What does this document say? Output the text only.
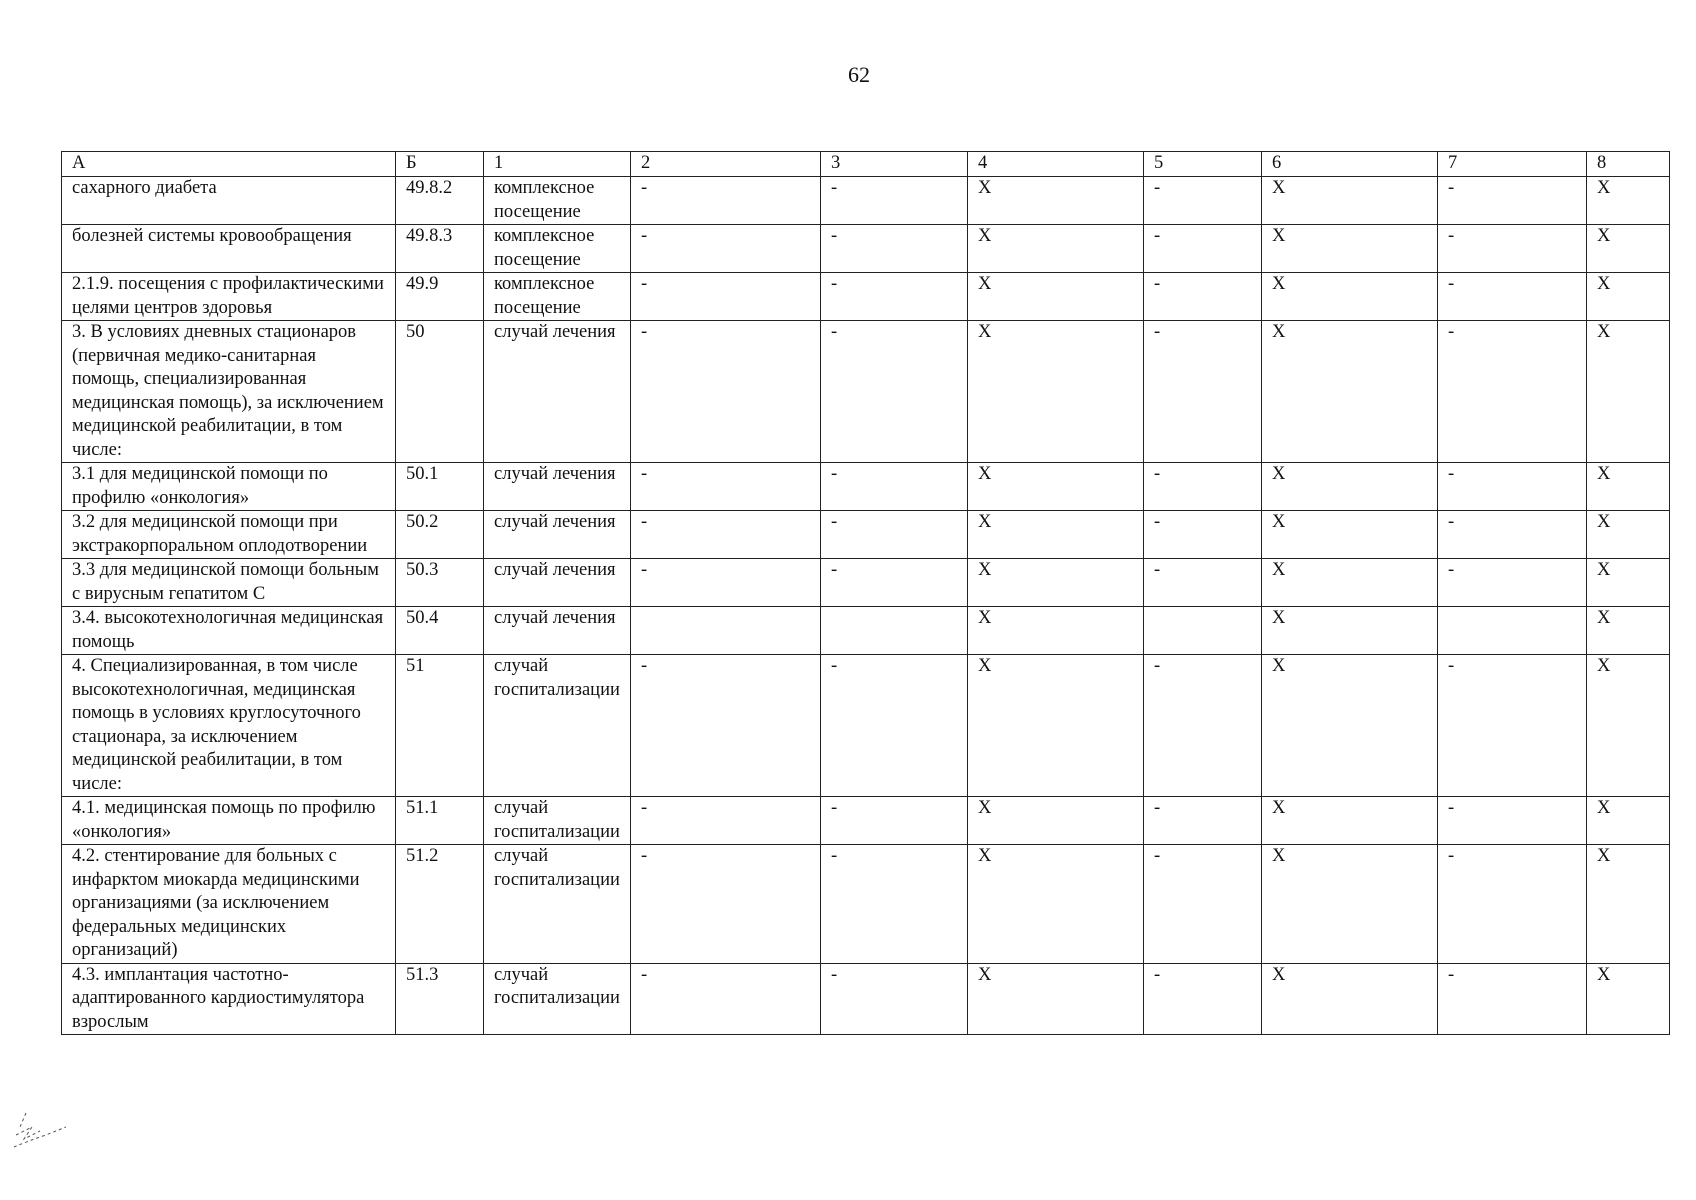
62
А	Б	1	2	3	4	5	6	7	8
сахарного диабета	49.8.2	комплексное посещение	-	-	Х	-	Х	-	Х
болезней системы кровообращения	49.8.3	комплексное посещение	-	-	Х	-	Х	-	Х
2.1.9. посещения с профилактическими целями центров здоровья	49.9	комплексное посещение	-	-	Х	-	Х	-	Х
3. В условиях дневных стационаров (первичная медико-санитарная помощь, специализированная медицинская помощь), за исключением медицинской реабилитации, в том числе:	50	случай лечения	-	-	Х	-	Х	-	Х
3.1 для медицинской помощи по профилю «онкология»	50.1	случай лечения	-	-	Х	-	Х	-	Х
3.2 для медицинской помощи при экстракорпоральном оплодотворении	50.2	случай лечения	-	-	Х	-	Х	-	Х
3.3 для медицинской помощи больным с вирусным гепатитом С	50.3	случай лечения	-	-	Х	-	Х	-	Х
3.4. высокотехнологичная медицинская помощь	50.4	случай лечения			Х		Х		Х
4. Специализированная, в том числе высокотехнологичная, медицинская помощь в условиях круглосуточного стационара, за исключением медицинской реабилитации, в том числе:	51	случай госпитализации	-	-	Х	-	Х	-	Х
4.1. медицинская помощь по профилю «онкология»	51.1	случай госпитализации	-	-	Х	-	Х	-	Х
4.2. стентирование для больных с инфарктом миокарда медицинскими организациями (за исключением федеральных медицинских организаций)	51.2	случай госпитализации	-	-	Х	-	Х	-	Х
4.3. имплантация частотно-адаптированного кардиостимулятора взрослым	51.3	случай госпитализации	-	-	Х	-	Х	-	Х
